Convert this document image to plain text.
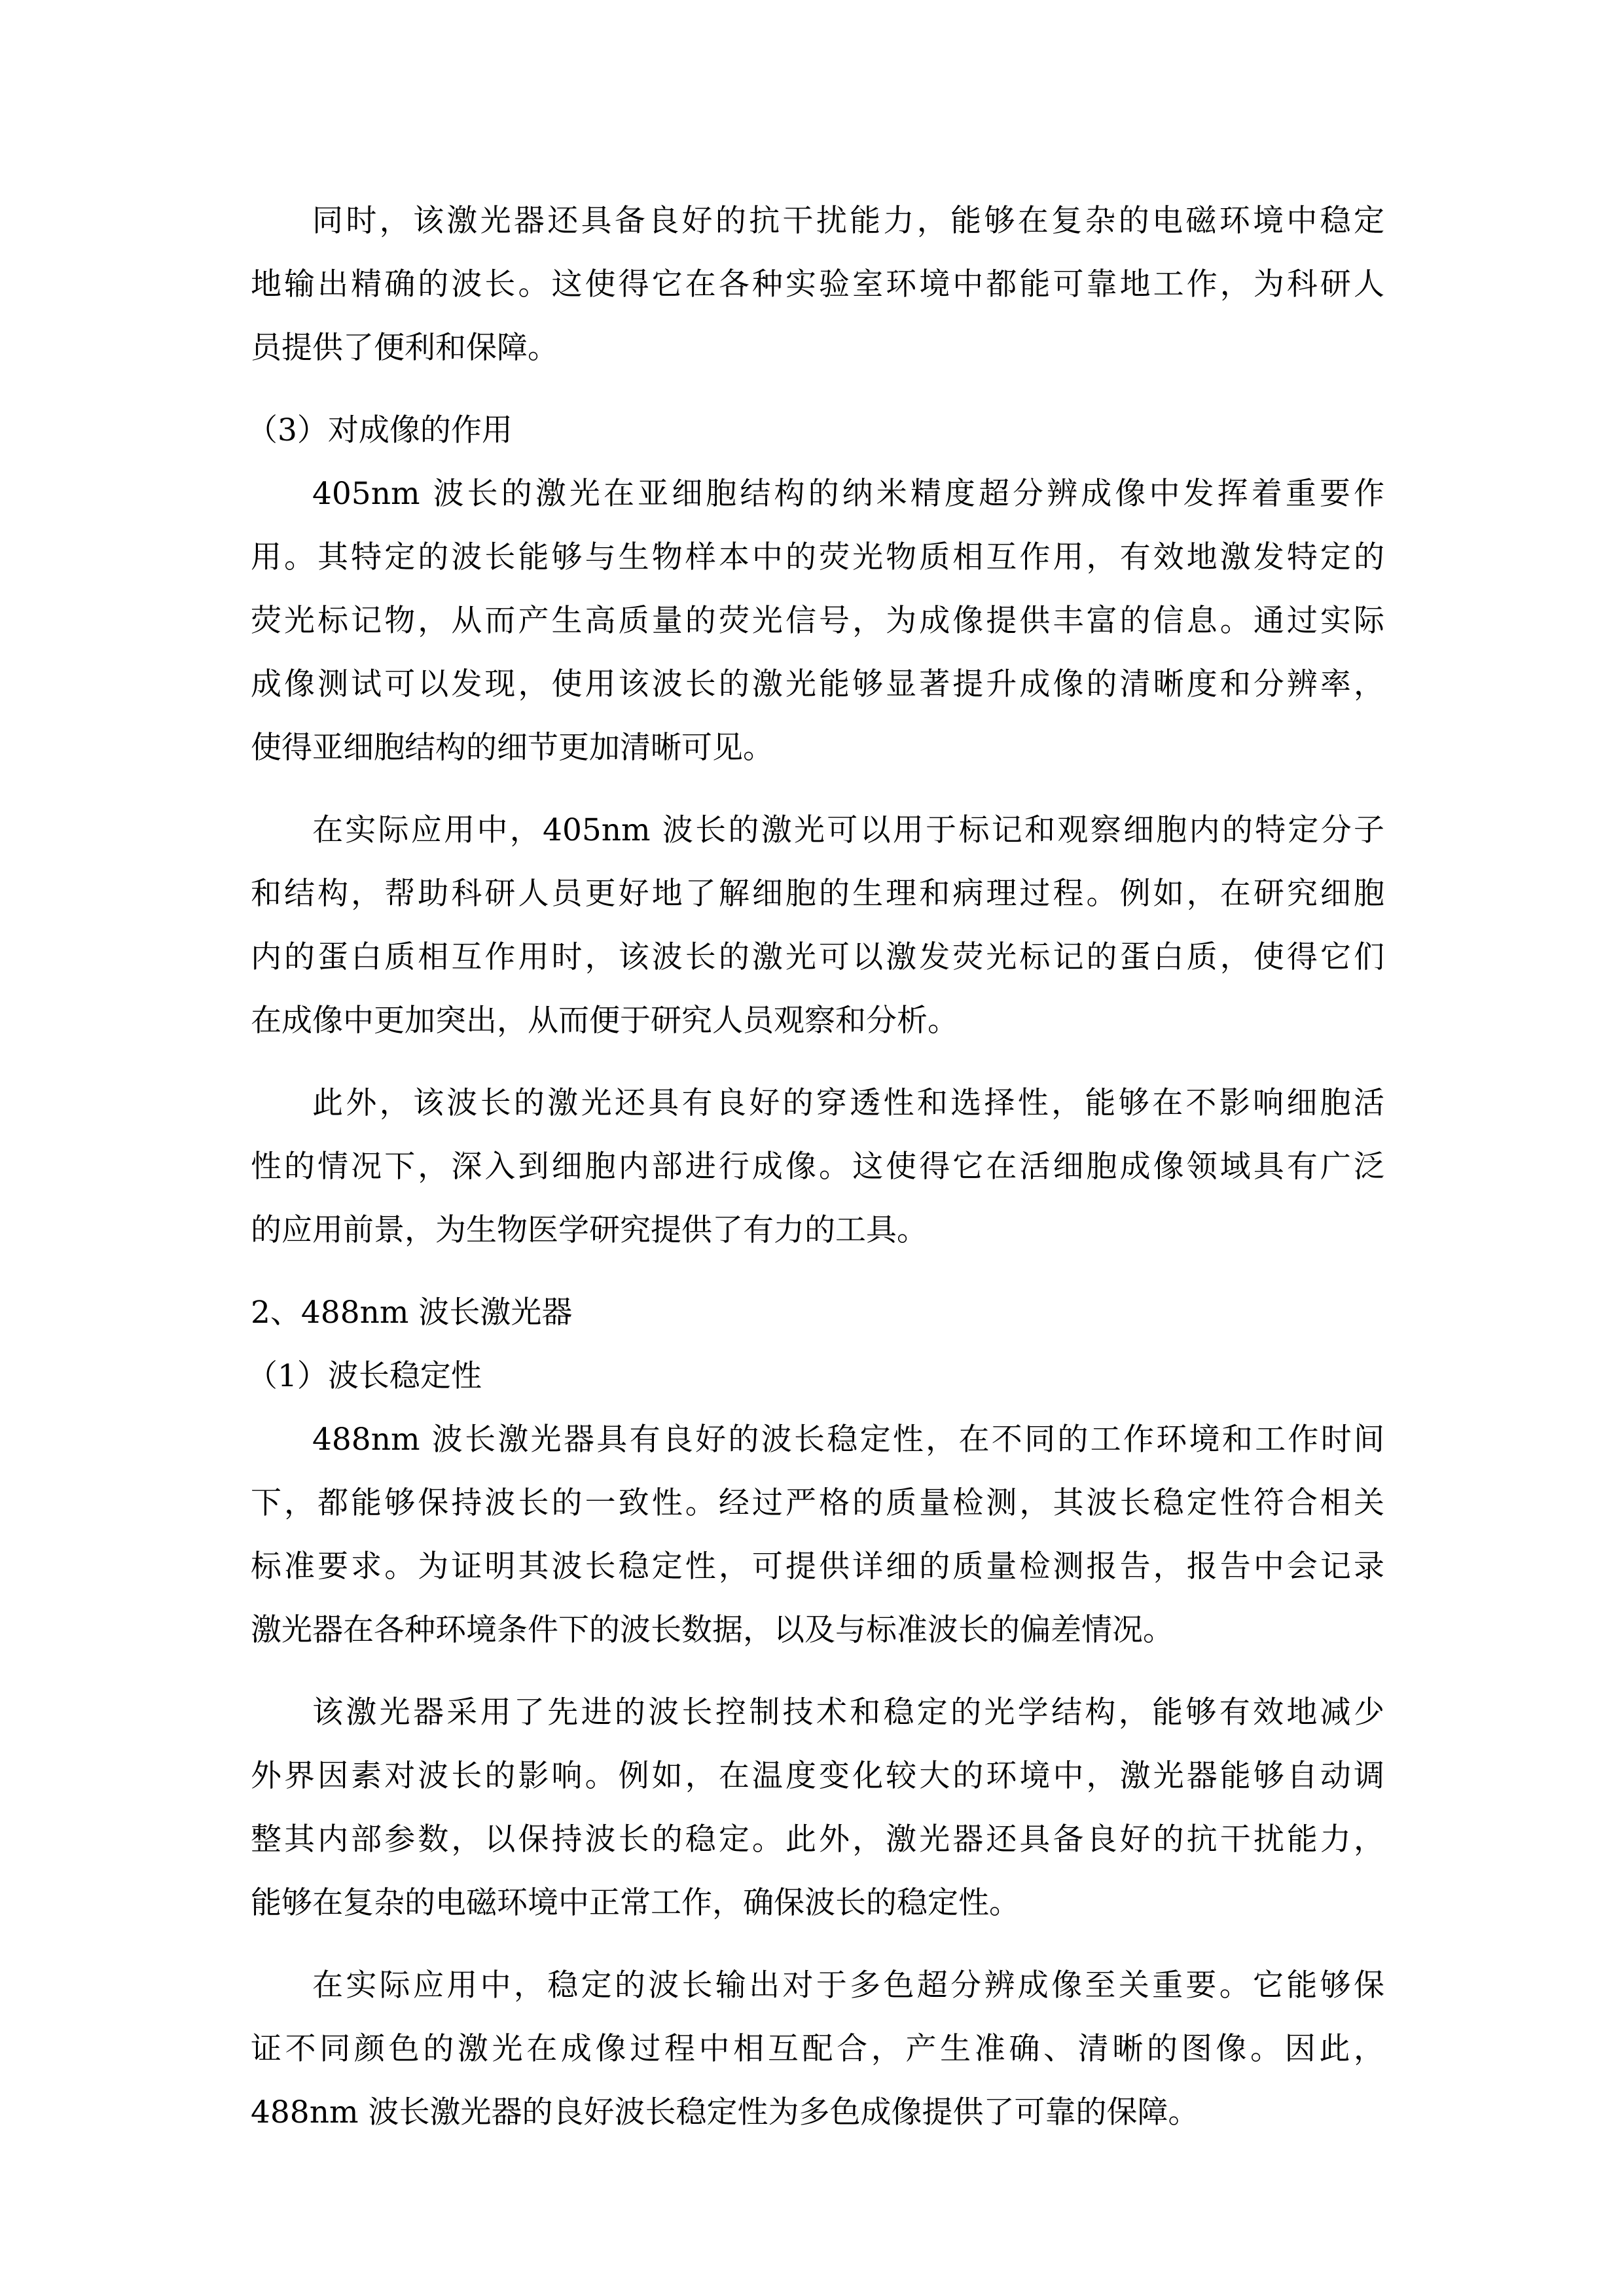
同时，该激光器还具备良好的抗干扰能力，能够在复杂的电磁环境中稳定
地输出精确的波长。这使得它在各种实验室环境中都能可靠地工作，为科研人
员提供了便利和保障。
（3）对成像的作用
405nm 波长的激光在亚细胞结构的纳米精度超分辨成像中发挥着重要作
用。其特定的波长能够与生物样本中的荧光物质相互作用，有效地激发特定的
荧光标记物，从而产生高质量的荧光信号，为成像提供丰富的信息。通过实际
成像测试可以发现，使用该波长的激光能够显著提升成像的清晰度和分辨率，
使得亚细胞结构的细节更加清晰可见。
在实际应用中，405nm 波长的激光可以用于标记和观察细胞内的特定分子
和结构，帮助科研人员更好地了解细胞的生理和病理过程。例如，在研究细胞
内的蛋白质相互作用时，该波长的激光可以激发荧光标记的蛋白质，使得它们
在成像中更加突出，从而便于研究人员观察和分析。
此外，该波长的激光还具有良好的穿透性和选择性，能够在不影响细胞活
性的情况下，深入到细胞内部进行成像。这使得它在活细胞成像领域具有广泛
的应用前景，为生物医学研究提供了有力的工具。
2、488nm 波长激光器
（1）波长稳定性
488nm 波长激光器具有良好的波长稳定性，在不同的工作环境和工作时间
下，都能够保持波长的一致性。经过严格的质量检测，其波长稳定性符合相关
标准要求。为证明其波长稳定性，可提供详细的质量检测报告，报告中会记录
激光器在各种环境条件下的波长数据，以及与标准波长的偏差情况。
该激光器采用了先进的波长控制技术和稳定的光学结构，能够有效地减少
外界因素对波长的影响。例如，在温度变化较大的环境中，激光器能够自动调
整其内部参数，以保持波长的稳定。此外，激光器还具备良好的抗干扰能力，
能够在复杂的电磁环境中正常工作，确保波长的稳定性。
在实际应用中，稳定的波长输出对于多色超分辨成像至关重要。它能够保
证不同颜色的激光在成像过程中相互配合，产生准确、清晰的图像。因此，
488nm 波长激光器的良好波长稳定性为多色成像提供了可靠的保障。
